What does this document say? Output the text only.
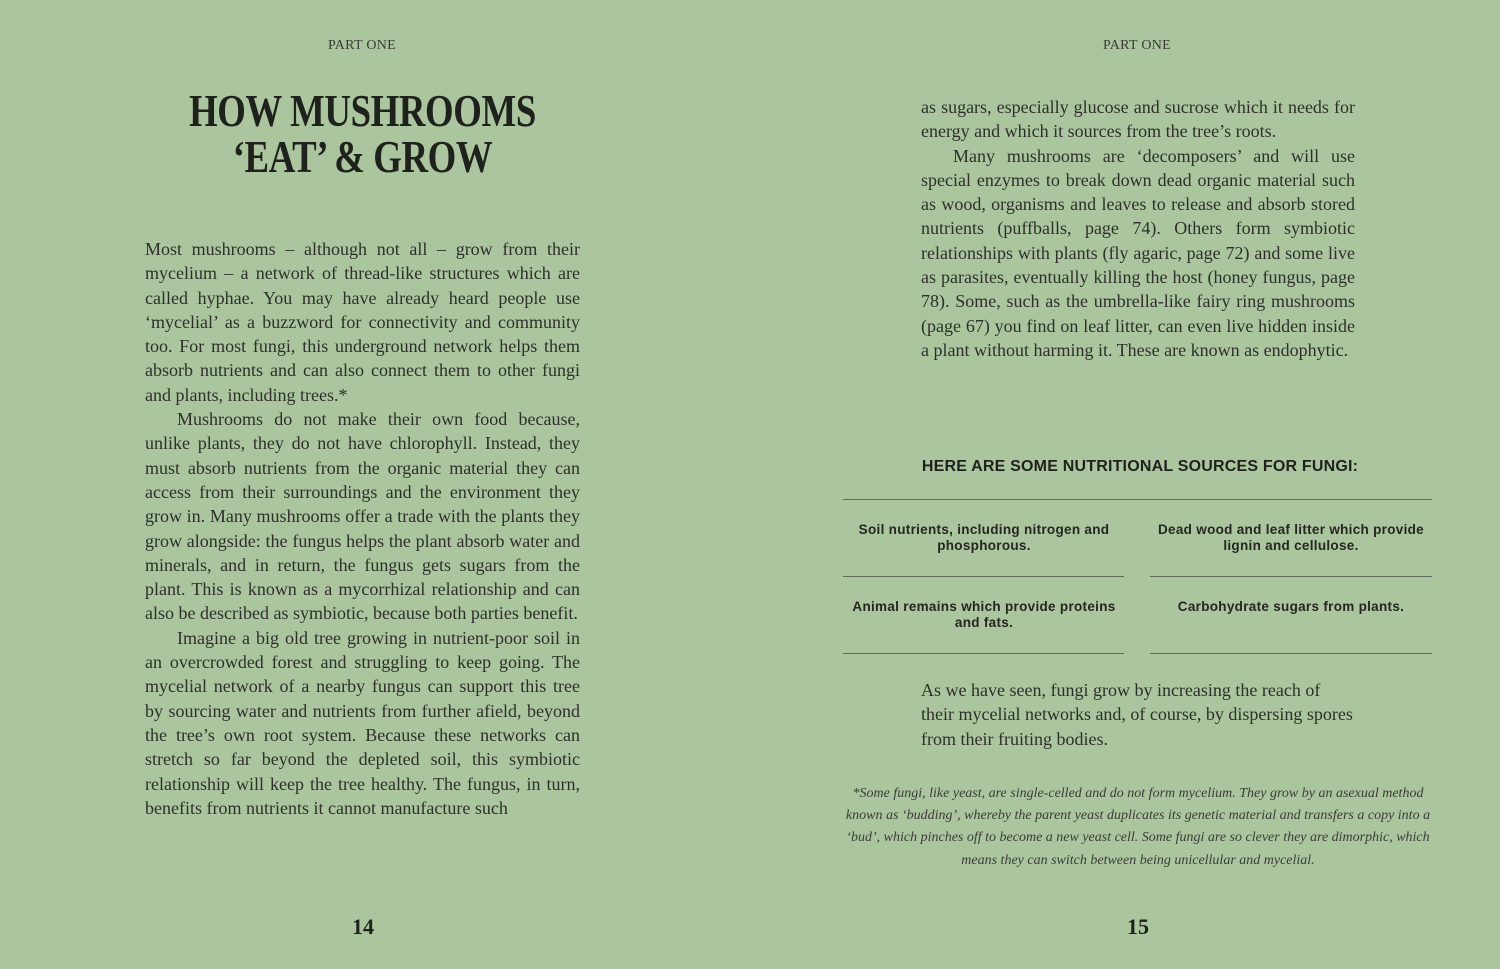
PART ONE
HOW MUSHROOMS
‘EAT’ & GROW

Most mushrooms – although not all – grow from their mycelium – a network of thread-like structures which are called hyphae. You may have already heard people use ‘mycelial’ as a buzzword for connectivity and community too. For most fungi, this underground network helps them absorb nutrients and can also connect them to other fungi and plants, including trees.*

Mushrooms do not make their own food because, unlike plants, they do not have chlorophyll. Instead, they must absorb nutrients from the organic material they can access from their surroundings and the environment they grow in. Many mushrooms offer a trade with the plants they grow alongside: the fungus helps the plant absorb water and minerals, and in return, the fungus gets sugars from the plant. This is known as a mycorrhizal relationship and can also be described as symbiotic, because both parties benefit.

Imagine a big old tree growing in nutrient-poor soil in an overcrowded forest and struggling to keep going. The mycelial network of a nearby fungus can support this tree by sourcing water and nutrients from further afield, beyond the tree’s own root system. Because these networks can stretch so far beyond the depleted soil, this symbiotic relationship will keep the tree healthy. The fungus, in turn, benefits from nutrients it cannot manufacture such

14
PART ONE

as sugars, especially glucose and sucrose which it needs for energy and which it sources from the tree’s roots.

Many mushrooms are ‘decomposers’ and will use special enzymes to break down dead organic material such as wood, organisms and leaves to release and absorb stored nutrients (puffballs, page 74). Others form symbiotic relationships with plants (fly agaric, page 72) and some live as parasites, eventually killing the host (honey fungus, page 78). Some, such as the umbrella-like fairy ring mushrooms (page 67) you find on leaf litter, can even live hidden inside a plant without harming it. These are known as endophytic.

HERE ARE SOME NUTRITIONAL SOURCES FOR FUNGI:
Soil nutrients, including nitrogen and phosphorous.
Dead wood and leaf litter which provide lignin and cellulose.
Animal remains which provide proteins and fats.
Carbohydrate sugars from plants.

As we have seen, fungi grow by increasing the reach of their mycelial networks and, of course, by dispersing spores from their fruiting bodies.

*Some fungi, like yeast, are single-celled and do not form mycelium. They grow by an asexual method known as ‘budding’, whereby the parent yeast duplicates its genetic material and transfers a copy into a ‘bud’, which pinches off to become a new yeast cell. Some fungi are so clever they are dimorphic, which means they can switch between being unicellular and mycelial.
15
